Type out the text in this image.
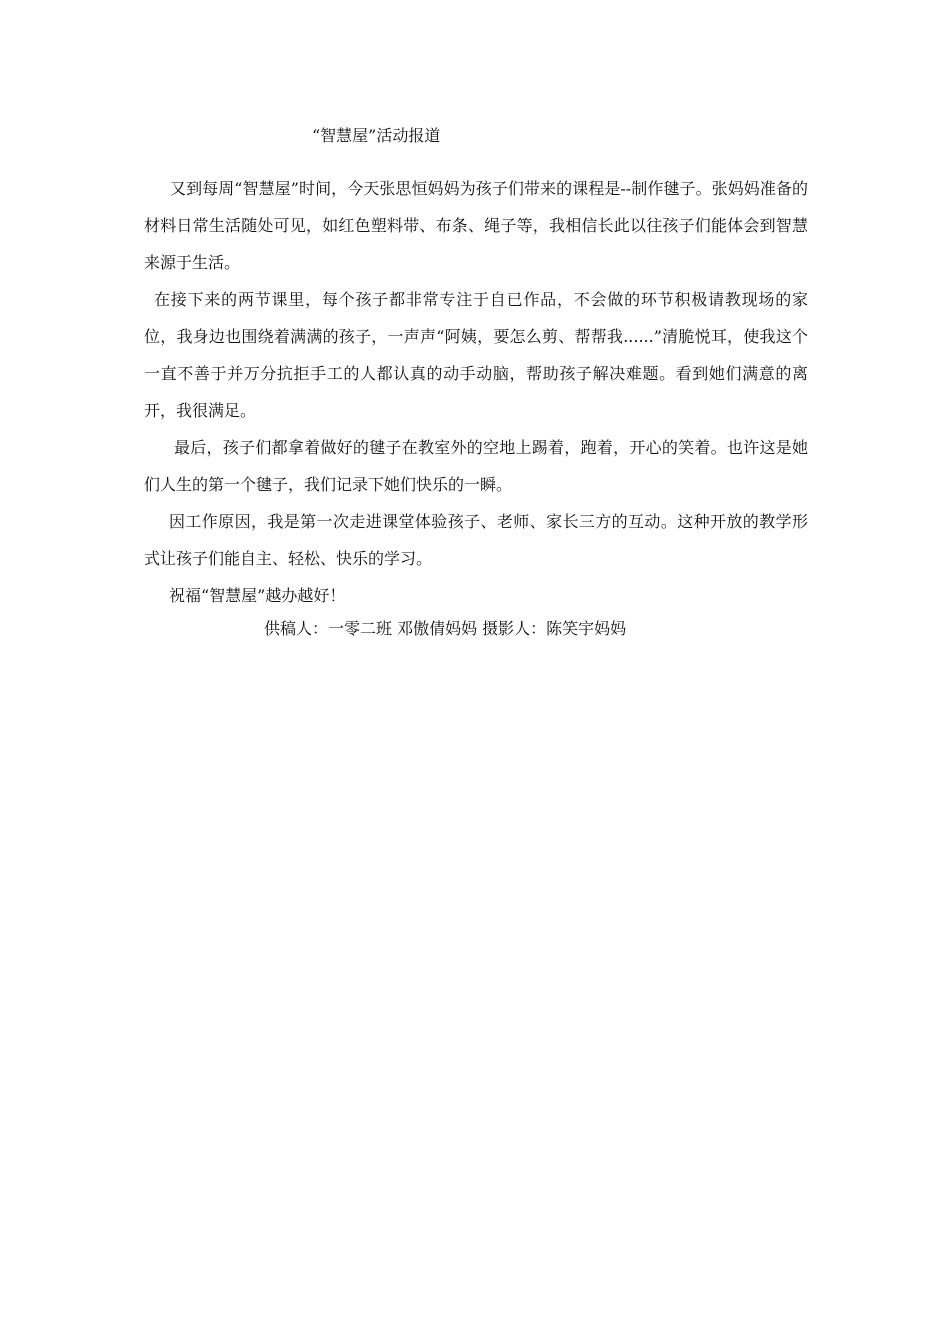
“智慧屋”活动报道

又到每周“智慧屋”时间，今天张思恒妈妈为孩子们带来的课程是--制作毽子。张妈妈准备的材料日常生活随处可见，如红色塑料带、布条、绳子等，我相信长此以往孩子们能体会到智慧来源于生活。

在接下来的两节课里，每个孩子都非常专注于自已作品，不会做的环节积极请教现场的家位，我身边也围绕着满满的孩子，一声声“阿姨，要怎么剪、帮帮我......”清脆悦耳，使我这个一直不善于并万分抗拒手工的人都认真的动手动脑，帮助孩子解决难题。看到她们满意的离开，我很满足。

最后，孩子们都拿着做好的毽子在教室外的空地上踢着，跑着，开心的笑着。也许这是她们人生的第一个毽子，我们记录下她们快乐的一瞬。

因工作原因，我是第一次走进课堂体验孩子、老师、家长三方的互动。这种开放的教学形式让孩子们能自主、轻松、快乐的学习。

祝福“智慧屋”越办越好！

供稿人：一零二班 邓傲倩妈妈 摄影人：陈笑宇妈妈
